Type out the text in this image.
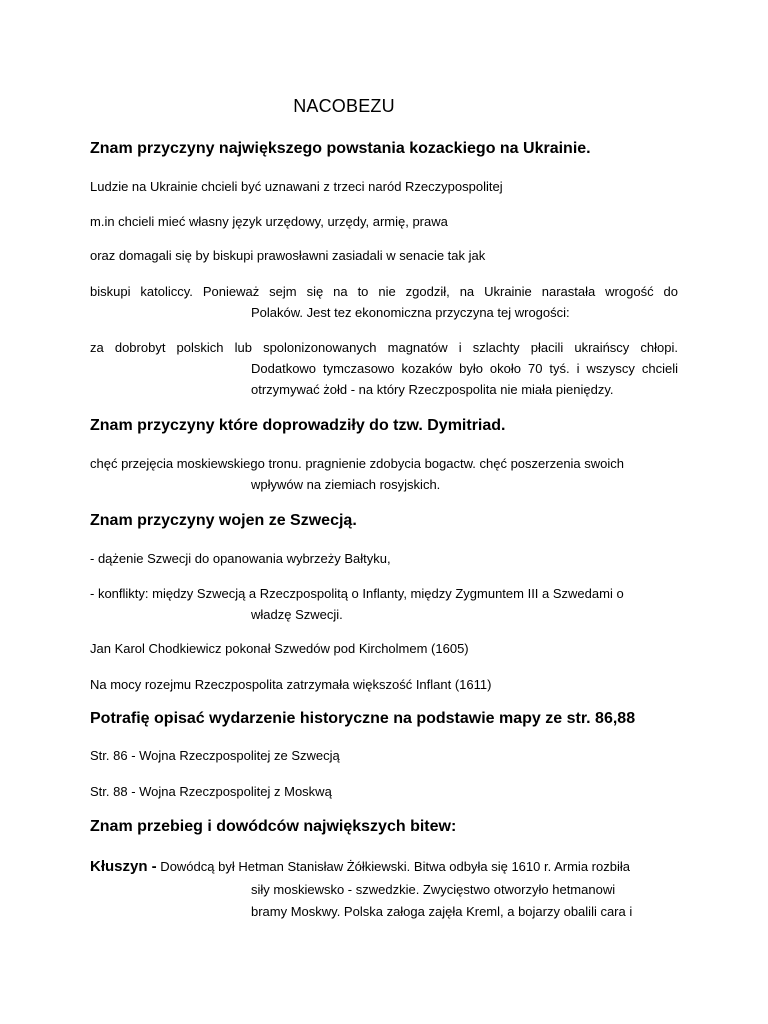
NACOBEZU
Znam przyczyny największego powstania kozackiego na Ukrainie.
Ludzie na Ukrainie chcieli być uznawani z trzeci naród Rzeczypospolitej
m.in chcieli mieć własny język urzędowy, urzędy, armię, prawa
oraz domagali się by biskupi prawosławni zasiadali w senacie tak jak
biskupi katoliccy. Ponieważ sejm się na to nie zgodził, na Ukrainie narastała wrogość do
Polaków. Jest tez ekonomiczna przyczyna tej wrogości:
za dobrobyt polskich lub spolonizonowanych magnatów i szlachty płacili ukraińscy chłopi.
Dodatkowo tymczasowo kozaków było około 70 tyś. i wszyscy chcieli
otrzymywać żołd - na który Rzeczpospolita nie miała pieniędzy.
Znam przyczyny które doprowadziły do tzw. Dymitriad.
chęć przejęcia moskiewskiego tronu. pragnienie zdobycia bogactw. chęć poszerzenia swoich
wpływów na ziemiach rosyjskich.
Znam przyczyny wojen ze Szwecją.
- dążenie Szwecji do opanowania wybrzeży Bałtyku,
- konflikty: między Szwecją a Rzeczpospolitą o Inflanty, między Zygmuntem III a Szwedami o
władzę Szwecji.
Jan Karol Chodkiewicz pokonał Szwedów pod Kircholmem (1605)
Na mocy rozejmu Rzeczpospolita zatrzymała większość Inflant (1611)
Potrafię opisać wydarzenie historyczne na podstawie mapy ze str. 86,88
Str. 86 - Wojna Rzeczpospolitej ze Szwecją
Str. 88 - Wojna Rzeczpospolitej z Moskwą
Znam przebieg i dowódców największych bitew:
Kłuszyn - Dowódcą był Hetman Stanisław Żółkiewski. Bitwa odbyła się 1610 r. Armia rozbiła
siły moskiewsko - szwedzkie. Zwycięstwo otworzyło hetmanowi
bramy Moskwy. Polska załoga zajęła Kreml, a bojarzy obalili cara i
